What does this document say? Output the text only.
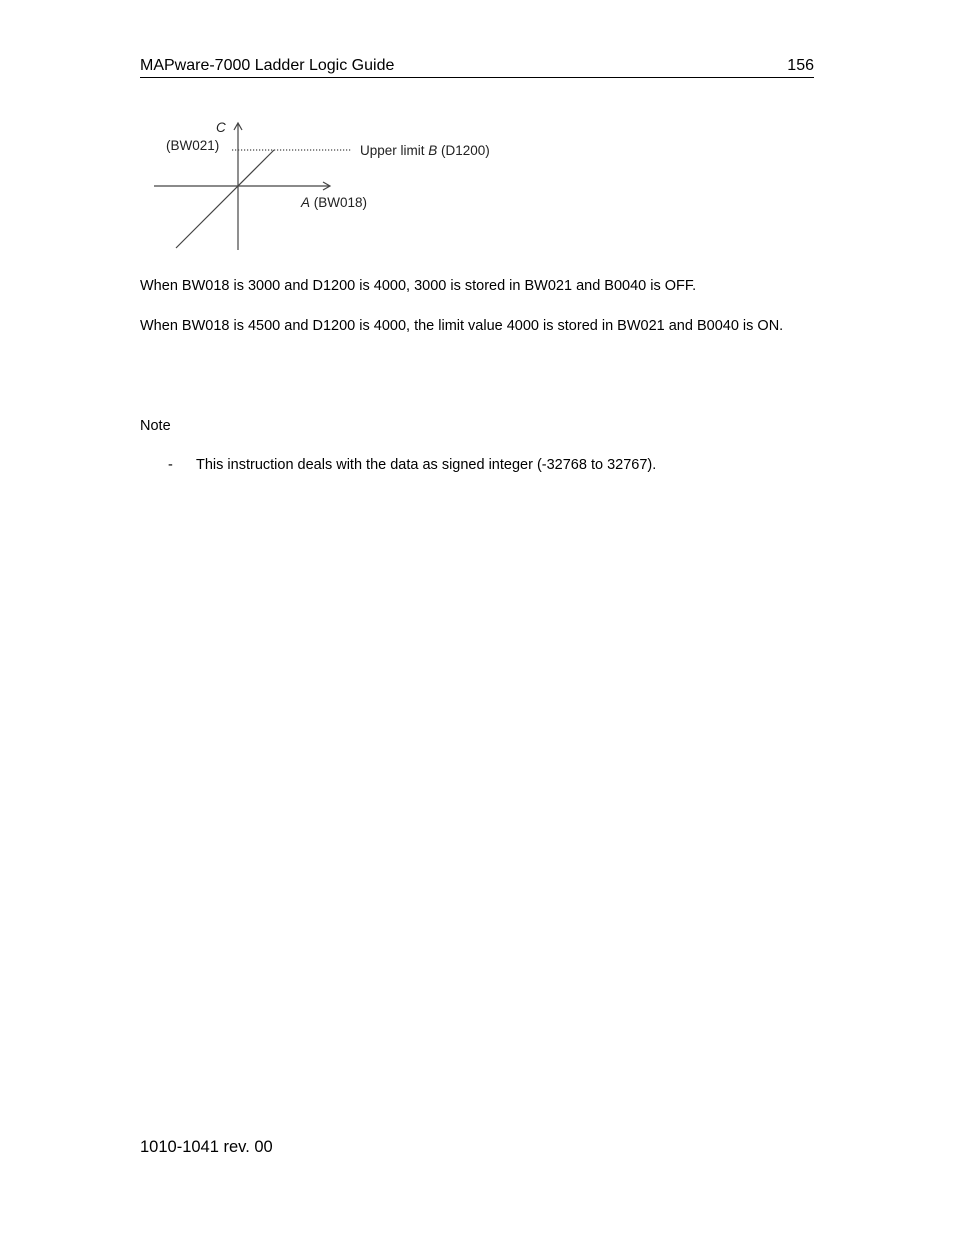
MAPware-7000 Ladder Logic Guide	156
C
(BW021)	Upper limit B (D1200)
A (BW018)

When BW018 is 3000 and D1200 is 4000, 3000 is stored in BW021 and B0040 is OFF.

When BW018 is 4500 and D1200 is 4000, the limit value 4000 is stored in BW021 and B0040 is ON.

Note

- This instruction deals with the data as signed integer (-32768 to 32767).
1010-1041 rev. 00
